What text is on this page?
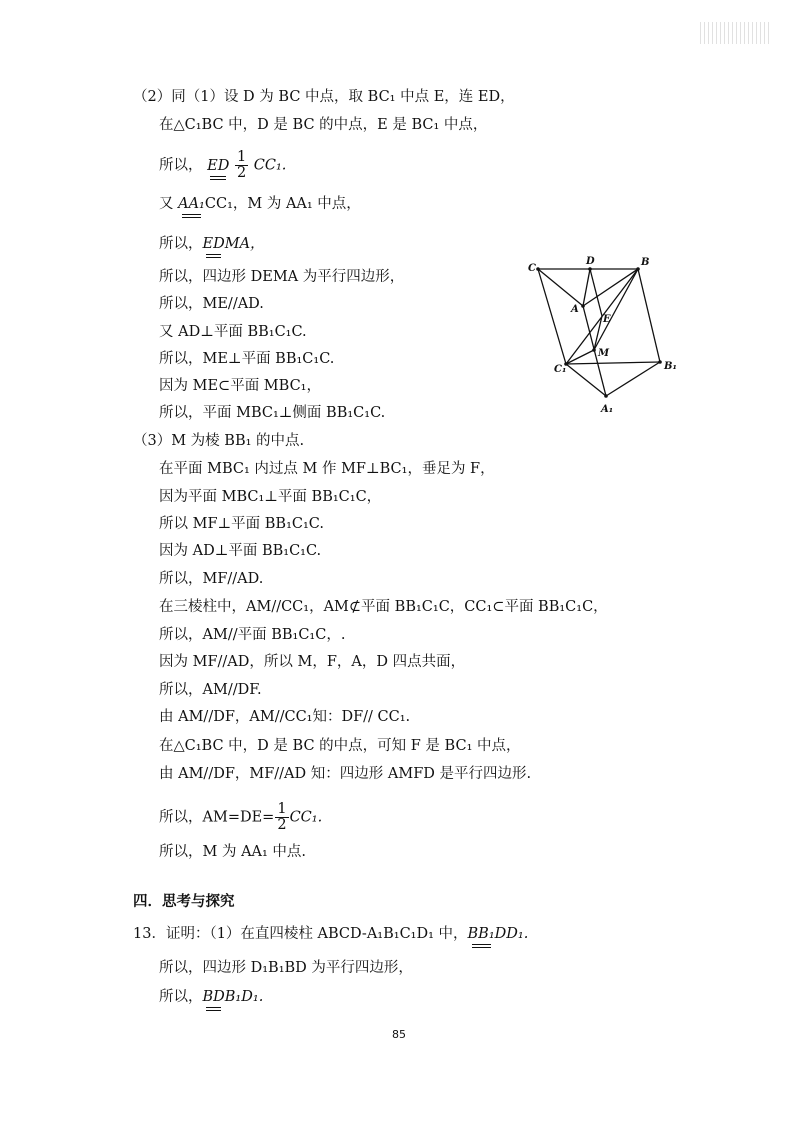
（2）同（1）设 D 为 BC 中点，取 BC₁ 中点 E，连 ED，
在△C₁BC 中，D 是 BC 的中点，E 是 BC₁ 中点，
所以， ED $\frac{1}{2} CC_1$.
又 AA₁CC₁，M 为 AA₁ 中点，
所以，EDMA，
所以，四边形 DEMA 为平行四边形，
所以，ME//AD.
又 AD⊥平面 BB₁C₁C.
所以，ME⊥平面 BB₁C₁C.
因为 ME⊂平面 MBC₁，
所以，平面 MBC₁⊥侧面 BB₁C₁C.
C
D	B
A
E
M
C₁	B₁
A₁
（3）M 为棱 BB₁ 的中点.
在平面 MBC₁ 内过点 M 作 MF⊥BC₁，垂足为 F，
因为平面 MBC₁⊥平面 BB₁C₁C，
所以 MF⊥平面 BB₁C₁C.
因为 AD⊥平面 BB₁C₁C.
所以，MF//AD.
在三棱柱中，AM//CC₁，AM⊄平面 BB₁C₁C，CC₁⊂平面 BB₁C₁C，
所以，AM//平面 BB₁C₁C，.
因为 MF//AD，所以 M，F，A，D 四点共面，
所以，AM//DF.
由 AM//DF，AM//CC₁知：DF// CC₁.
在△C₁BC 中，D 是 BC 的中点，可知 F 是 BC₁ 中点，
由 AM//DF，MF//AD 知：四边形 AMFD 是平行四边形.
所以，$AM=DE= \frac{1}{2} CC_1$.
所以，M 为 AA₁ 中点.
四．思考与探究
13．证明：（1）在直四棱柱 ABCD-A₁B₁C₁D₁ 中，BB₁DD₁.
所以，四边形 D₁B₁BD 为平行四边形，
所以，BDB₁D₁.
85
